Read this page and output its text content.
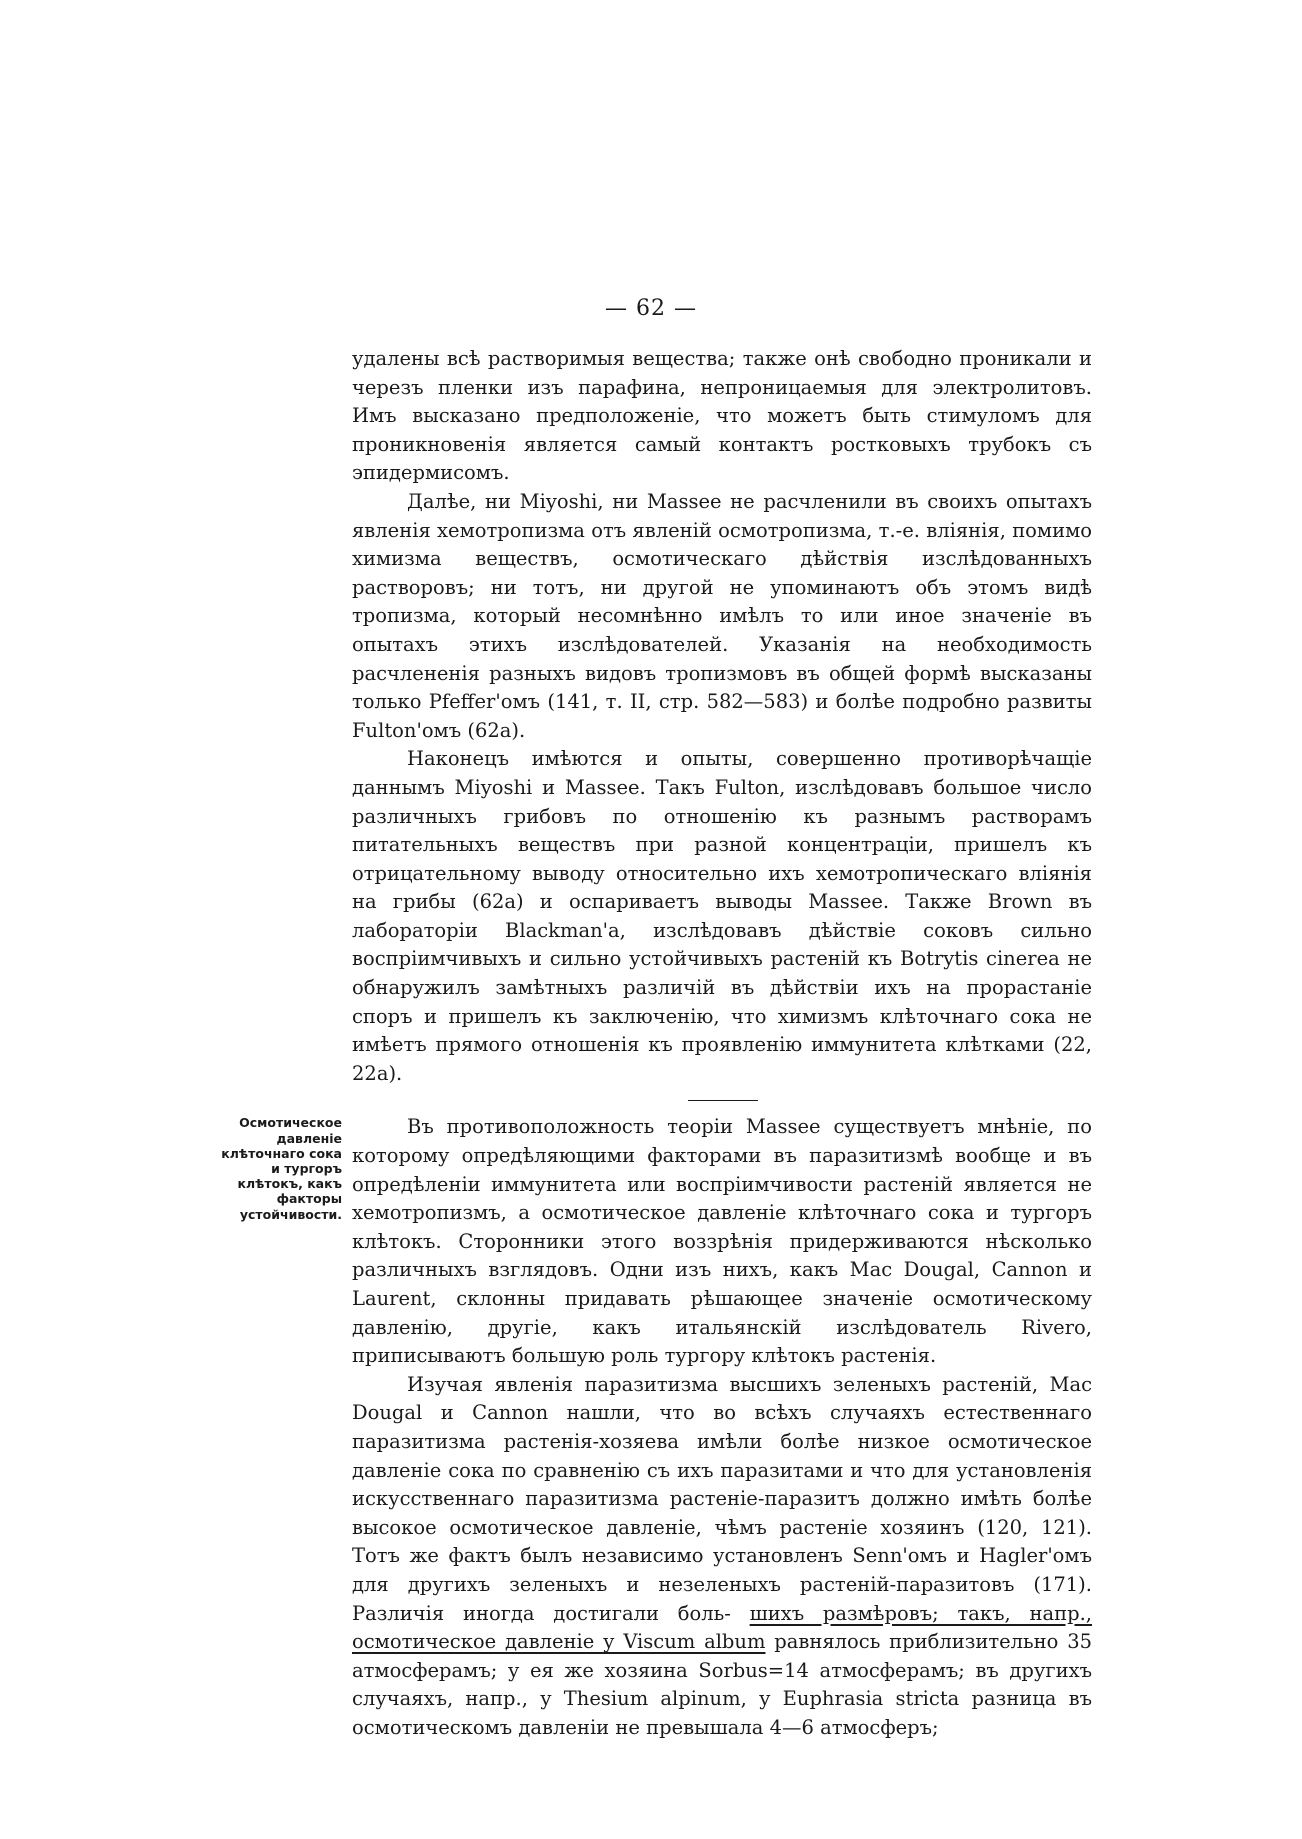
— 62 —

удалены всѣ растворимыя вещества; также онѣ свободно проникали и черезъ пленки изъ парафина, непроницаемыя для электролитовъ. Имъ высказано предположеніе, что можетъ быть стимуломъ для проникновенія является самый контактъ ростковыхъ трубокъ съ эпидермисомъ.

Далѣе, ни Miyoshi, ни Massee не расчленили въ своихъ опытахъ явленія хемотропизма отъ явленій осмотропизма, т.-е. вліянія, помимо химизма веществъ, осмотическаго дѣйствія изслѣдованныхъ растворовъ; ни тотъ, ни другой не упоминаютъ объ этомъ видѣ тропизма, который несомнѣнно имѣлъ то или иное значеніе въ опытахъ этихъ изслѣдователей. Указанія на необходимость расчлененія разныхъ видовъ тропизмовъ въ общей формѣ высказаны только Pfeffer'омъ (141, т. II, стр. 582—583) и болѣе подробно развиты Fulton'омъ (62a).

Наконецъ имѣются и опыты, совершенно противорѣчащіе даннымъ Miyoshi и Massee. Такъ Fulton, изслѣдовавъ большое число различныхъ грибовъ по отношенію къ разнымъ растворамъ питательныхъ веществъ при разной концентраціи, пришелъ къ отрицательному выводу относительно ихъ хемотропическаго вліянія на грибы (62a) и оспариваетъ выводы Massee. Также Brown въ лабораторіи Blackman'a, изслѣдовавъ дѣйствіе соковъ сильно воспріимчивыхъ и сильно устойчивыхъ растеній къ Botrytis cinerea не обнаружилъ замѣтныхъ различій въ дѣйствіи ихъ на прорастаніе споръ и пришелъ къ заключенію, что химизмъ клѣточнаго сока не имѣетъ прямого отношенія къ проявленію иммунитета клѣтками (22, 22a).

Осмотическое давленіе клѣточнаго сока и тургоръ клѣтокъ, какъ факторы устойчивости.

Въ противоположность теоріи Massee существуетъ мнѣніе, по которому опредѣляющими факторами въ паразитизмѣ вообще и въ опредѣленіи иммунитета или воспріимчивости растеній является не хемотропизмъ, а осмотическое давленіе клѣточнаго сока и тургоръ клѣтокъ. Сторонники этого воззрѣнія придерживаются нѣсколько различныхъ взглядовъ. Одни изъ нихъ, какъ Mac Dougal, Cannon и Laurent, склонны придавать рѣшающее значеніе осмотическому давленію, другіе, какъ итальянскій изслѣдователь Rivero, приписываютъ большую роль тургору клѣтокъ растенія.

Изучая явленія паразитизма высшихъ зеленыхъ растеній, Mac Dougal и Cannon нашли, что во всѣхъ случаяхъ естественнаго паразитизма растенія-хозяева имѣли болѣе низкое осмотическое давленіе сока по сравненію съ ихъ паразитами и что для установленія искусственнаго паразитизма растеніе-паразитъ должно имѣть болѣе высокое осмотическое давленіе, чѣмъ растеніе хозяинъ (120, 121). Тотъ же фактъ былъ независимо установленъ Senn'омъ и Hagler'омъ для другихъ зеленыхъ и незеленыхъ растеній-паразитовъ (171). Различія иногда достигали боль- шихъ размѣровъ; такъ, напр., осмотическое давленіе у Viscum album равнялось приблизительно 35 атмосферамъ; у ея же хозяина Sorbus=14 атмосферамъ; въ другихъ случаяхъ, напр., у Thesium alpinum, у Euphrasia stricta разница въ осмотическомъ давленіи не превышала 4—6 атмосферъ;
